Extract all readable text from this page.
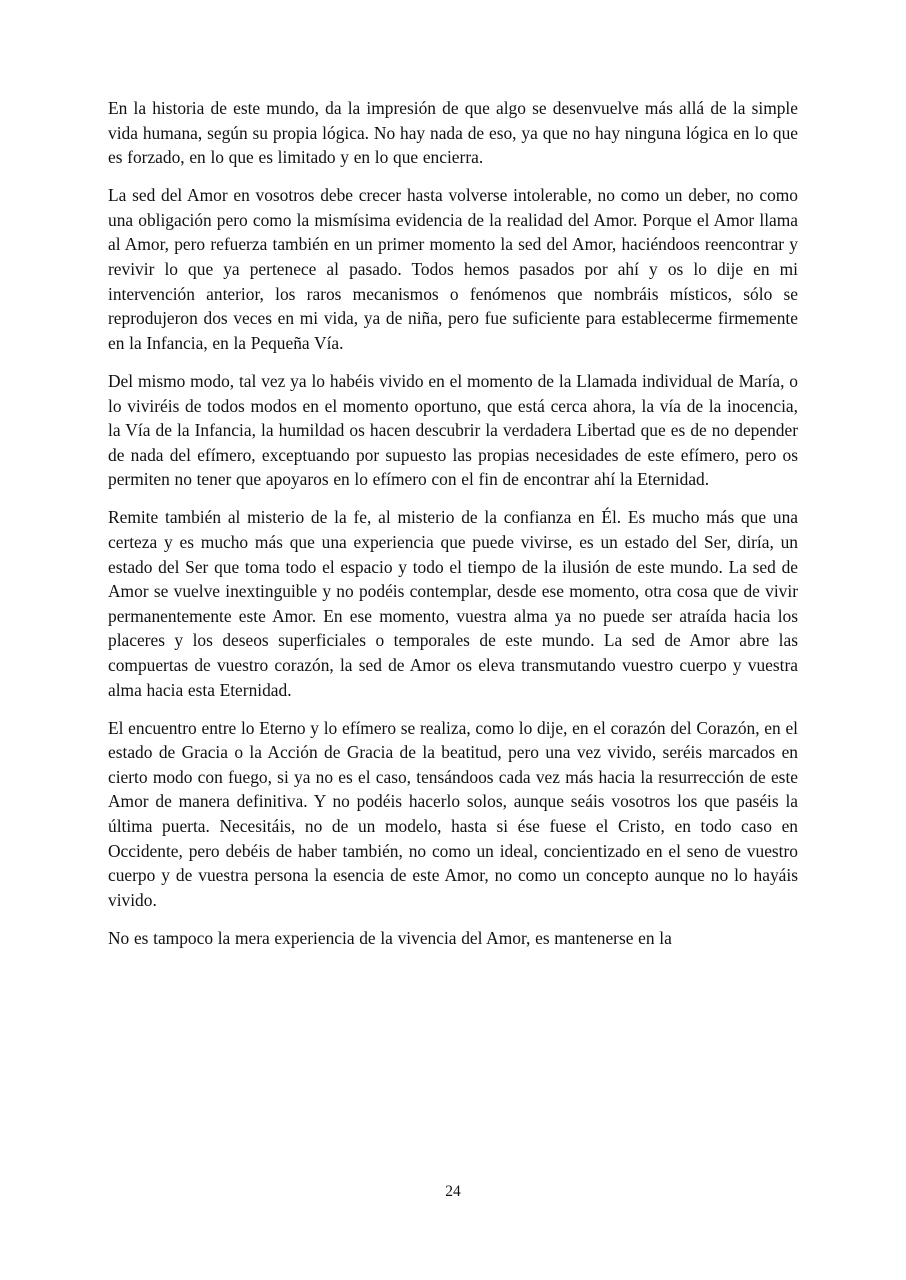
En la historia de este mundo, da la impresión de que algo se desenvuelve más allá de la simple vida humana, según su propia lógica. No hay nada de eso, ya que no hay ninguna lógica en lo que es forzado, en lo que es limitado y en lo que encierra.

La sed del Amor en vosotros debe crecer hasta volverse intolerable, no como un deber, no como una obligación pero como la mismísima evidencia de la realidad del Amor. Porque el Amor llama al Amor, pero refuerza también en un primer momento la sed del Amor, haciéndoos reencontrar y revivir lo que ya pertenece al pasado. Todos hemos pasados por ahí y os lo dije en mi intervención anterior, los raros mecanismos o fenómenos que nombráis místicos, sólo se reprodujeron dos veces en mi vida, ya de niña, pero fue suficiente para establecerme firmemente en la Infancia, en la Pequeña Vía.

Del mismo modo, tal vez ya lo habéis vivido en el momento de la Llamada individual de María, o lo viviréis de todos modos en el momento oportuno, que está cerca ahora, la vía de la inocencia, la Vía de la Infancia, la humildad os hacen descubrir la verdadera Libertad que es de no depender de nada del efímero, exceptuando por supuesto las propias necesidades de este efímero, pero os permiten no tener que apoyaros en lo efímero con el fin de encontrar ahí la Eternidad.

Remite también al misterio de la fe, al misterio de la confianza en Él. Es mucho más que una certeza y es mucho más que una experiencia que puede vivirse, es un estado del Ser, diría, un estado del Ser que toma todo el espacio y todo el tiempo de la ilusión de este mundo. La sed de Amor se vuelve inextinguible y no podéis contemplar, desde ese momento, otra cosa que de vivir permanentemente este Amor. En ese momento, vuestra alma ya no puede ser atraída hacia los placeres y los deseos superficiales o temporales de este mundo. La sed de Amor abre las compuertas de vuestro corazón, la sed de Amor os eleva transmutando vuestro cuerpo y vuestra alma hacia esta Eternidad.

El encuentro entre lo Eterno y lo efímero se realiza, como lo dije, en el corazón del Corazón, en el estado de Gracia o la Acción de Gracia de la beatitud, pero una vez vivido, seréis marcados en cierto modo con fuego, si ya no es el caso, tensándoos cada vez más hacia la resurrección de este Amor de manera definitiva. Y no podéis hacerlo solos, aunque seáis vosotros los que paséis la última puerta. Necesitáis, no de un modelo, hasta si ése fuese el Cristo, en todo caso en Occidente, pero debéis de haber también, no como un ideal, concientizado en el seno de vuestro cuerpo y de vuestra persona la esencia de este Amor, no como un concepto aunque no lo hayáis vivido.

No es tampoco la mera experiencia de la vivencia del Amor, es mantenerse en la

24
